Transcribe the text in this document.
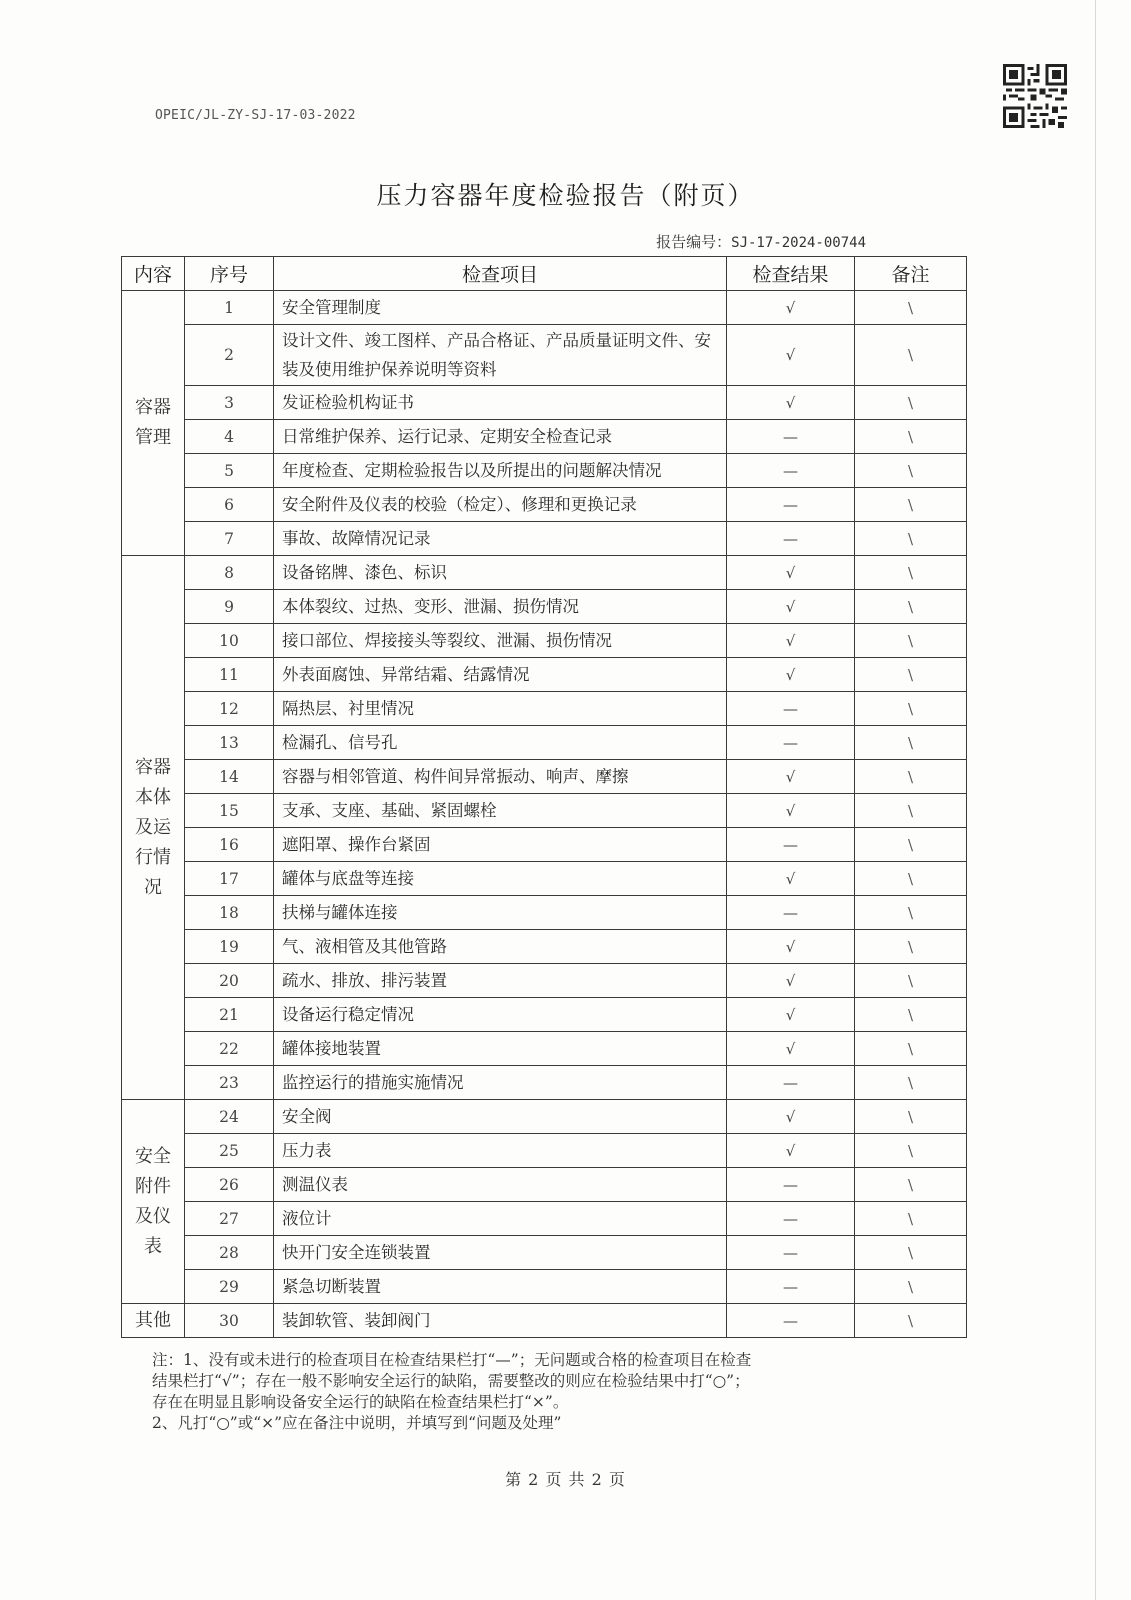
OPEIC/JL-ZY-SJ-17-03-2022
压力容器年度检验报告（附页）
报告编号：SJ-17-2024-00744
内容	序号	检查项目	检查结果	备注
容器
管理	1	安全管理制度	√	\
	2	设计文件、竣工图样、产品合格证、产品质量证明文件、安装及使用维护保养说明等资料	√	\
	3	发证检验机构证书	√	\
	4	日常维护保养、运行记录、定期安全检查记录	—	\
	5	年度检查、定期检验报告以及所提出的问题解决情况	—	\
	6	安全附件及仪表的校验（检定）、修理和更换记录	—	\
	7	事故、故障情况记录	—	\
容器
本体
及运
行情
况	8	设备铭牌、漆色、标识	√	\
	9	本体裂纹、过热、变形、泄漏、损伤情况	√	\
	10	接口部位、焊接接头等裂纹、泄漏、损伤情况	√	\
	11	外表面腐蚀、异常结霜、结露情况	√	\
	12	隔热层、衬里情况	—	\
	13	检漏孔、信号孔	—	\
	14	容器与相邻管道、构件间异常振动、响声、摩擦	√	\
	15	支承、支座、基础、紧固螺栓	√	\
	16	遮阳罩、操作台紧固	—	\
	17	罐体与底盘等连接	√	\
	18	扶梯与罐体连接	—	\
	19	气、液相管及其他管路	√	\
	20	疏水、排放、排污装置	√	\
	21	设备运行稳定情况	√	\
	22	罐体接地装置	√	\
	23	监控运行的措施实施情况	—	\
安全
附件
及仪
表	24	安全阀	√	\
	25	压力表	√	\
	26	测温仪表	—	\
	27	液位计	—	\
	28	快开门安全连锁装置	—	\
	29	紧急切断装置	—	\
其他	30	装卸软管、装卸阀门	—	\
注：1、没有或未进行的检查项目在检查结果栏打“—”；无问题或合格的检查项目在检查
结果栏打“√”；存在一般不影响安全运行的缺陷，需要整改的则应在检验结果中打“○”；
存在在明显且影响设备安全运行的缺陷在检查结果栏打“×”。
2、凡打“○”或“×”应在备注中说明，并填写到“问题及处理”
第 2 页 共 2 页
